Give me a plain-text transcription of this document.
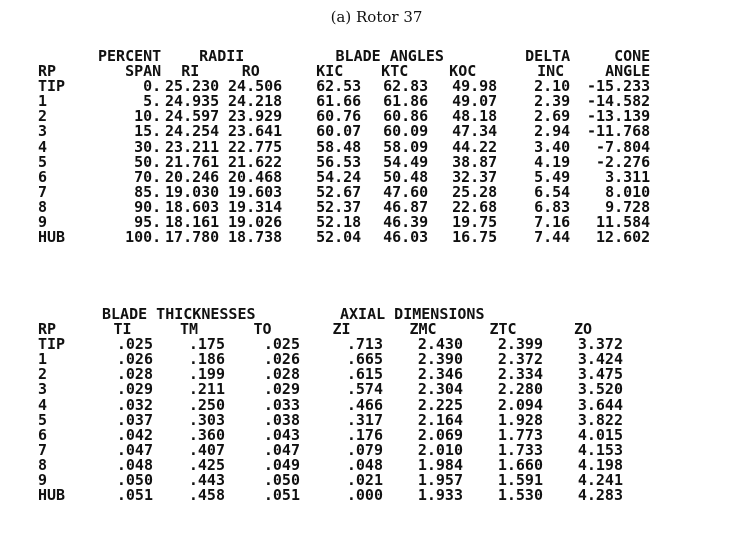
(a) Rotor 37
	PERCENT	RADII		BLADE ANGLES			DELTA	CONE
RP	SPAN	RI	RO	KIC	KTC	KOC	INC	ANGLE
TIP	0.	25.230	24.506	62.53	62.83	49.98	2.10	-15.233
1	5.	24.935	24.218	61.66	61.86	49.07	2.39	-14.582
2	10.	24.597	23.929	60.76	60.86	48.18	2.69	-13.139
3	15.	24.254	23.641	60.07	60.09	47.34	2.94	-11.768
4	30.	23.211	22.775	58.48	58.09	44.22	3.40	-7.804
5	50.	21.761	21.622	56.53	54.49	38.87	4.19	-2.276
6	70.	20.246	20.468	54.24	50.48	32.37	5.49	3.311
7	85.	19.030	19.603	52.67	47.60	25.28	6.54	8.010
8	90.	18.603	19.314	52.37	46.87	22.68	6.83	9.728
9	95.	18.161	19.026	52.18	46.39	19.75	7.16	11.584
HUB	100.	17.780	18.738	52.04	46.03	16.75	7.44	12.602
	BLADE THICKNESSES			AXIAL DIMENSIONS			
RP	TI	TM	TO	ZI	ZMC	ZTC	ZO
TIP	.025	.175	.025	.713	2.430	2.399	3.372
1	.026	.186	.026	.665	2.390	2.372	3.424
2	.028	.199	.028	.615	2.346	2.334	3.475
3	.029	.211	.029	.574	2.304	2.280	3.520
4	.032	.250	.033	.466	2.225	2.094	3.644
5	.037	.303	.038	.317	2.164	1.928	3.822
6	.042	.360	.043	.176	2.069	1.773	4.015
7	.047	.407	.047	.079	2.010	1.733	4.153
8	.048	.425	.049	.048	1.984	1.660	4.198
9	.050	.443	.050	.021	1.957	1.591	4.241
HUB	.051	.458	.051	.000	1.933	1.530	4.283
